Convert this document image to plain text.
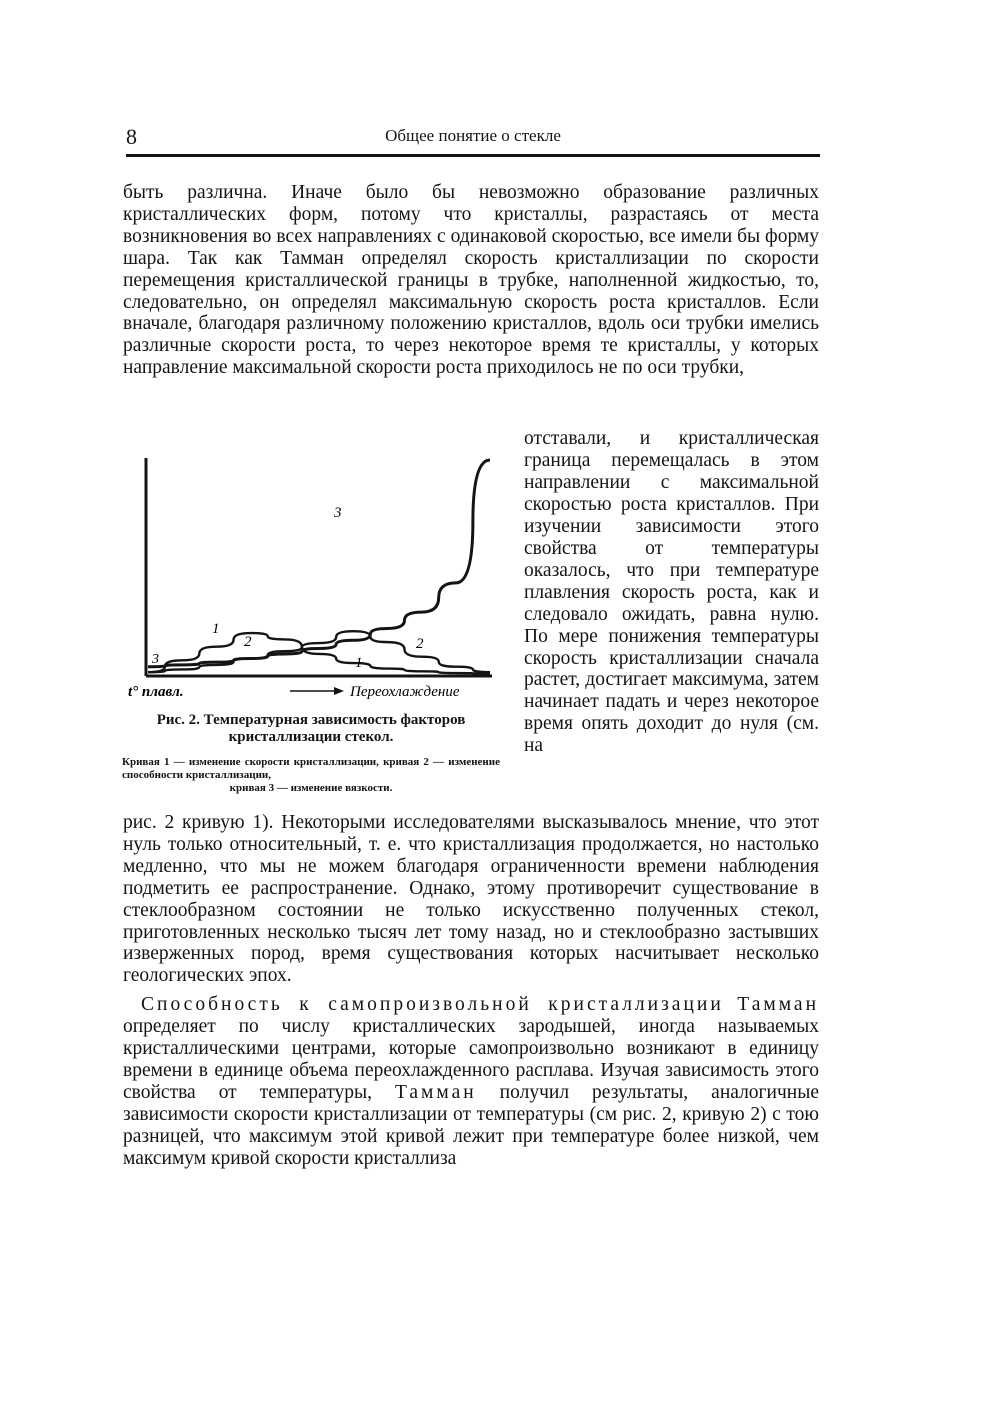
8	Общее понятие о стекле

быть различна. Иначе было бы невозможно образование различных кристаллических форм, потому что кристаллы, разрастаясь от места возникновения во всех направлениях с одинаковой скоростью, все имели бы форму шара. Так как Тамман определял скорость кристаллизации по скорости перемещения кристаллической границы в трубке, наполненной жидкостью, то, следовательно, он определял максимальную скорость роста кристаллов. Если вначале, благодаря различному положению кристаллов, вдоль оси трубки имелись различные скорости роста, то через некоторое время те кристаллы, у которых направление максимальной скорости роста приходилось не по оси трубки,

3
1
2
1
2
3
t° плавл.	Переохлаждение
Рис. 2. Температурная зависимость факторов кристаллизации стекол.
Кривая 1 — изменение скорости кристаллизации, кривая 2 — изменение способности кристаллизации,
кривая 3 — изменение вязкости.

отставали, и кристаллическая граница перемещалась в этом направлении с максимальной скоростью роста кристаллов. При изучении зависимости этого свойства от температуры оказалось, что при температуре плавления скорость роста, как и следовало ожидать, равна нулю. По мере понижения температуры скорость кристаллизации сначала растет, достигает максимума, затем начинает падать и через некоторое время опять доходит до нуля (см. на

рис. 2 кривую 1). Некоторыми исследователями высказывалось мнение, что этот нуль только относительный, т. е. что кристаллизация продолжается, но настолько медленно, что мы не можем благодаря ограниченности времени наблюдения подметить ее распространение. Однако, этому противоречит существование в стеклообразном состоянии не только искусственно полученных стекол, приготовленных несколько тысяч лет тому назад, но и стеклообразно застывших изверженных пород, время существования которых насчитывает несколько геологических эпох.

Способность к самопроизвольной кристаллизации Тамман определяет по числу кристаллических зародышей, иногда называемых кристаллическими центрами, которые самопроизвольно возникают в единицу времени в единице объема переохлажденного расплава. Изучая зависимость этого свойства от температуры, Тамман получил результаты, аналогичные зависимости скорости кристаллизации от температуры (см рис. 2, кривую 2) с тою разницей, что максимум этой кривой лежит при температуре более низкой, чем максимум кривой скорости кристаллиза
